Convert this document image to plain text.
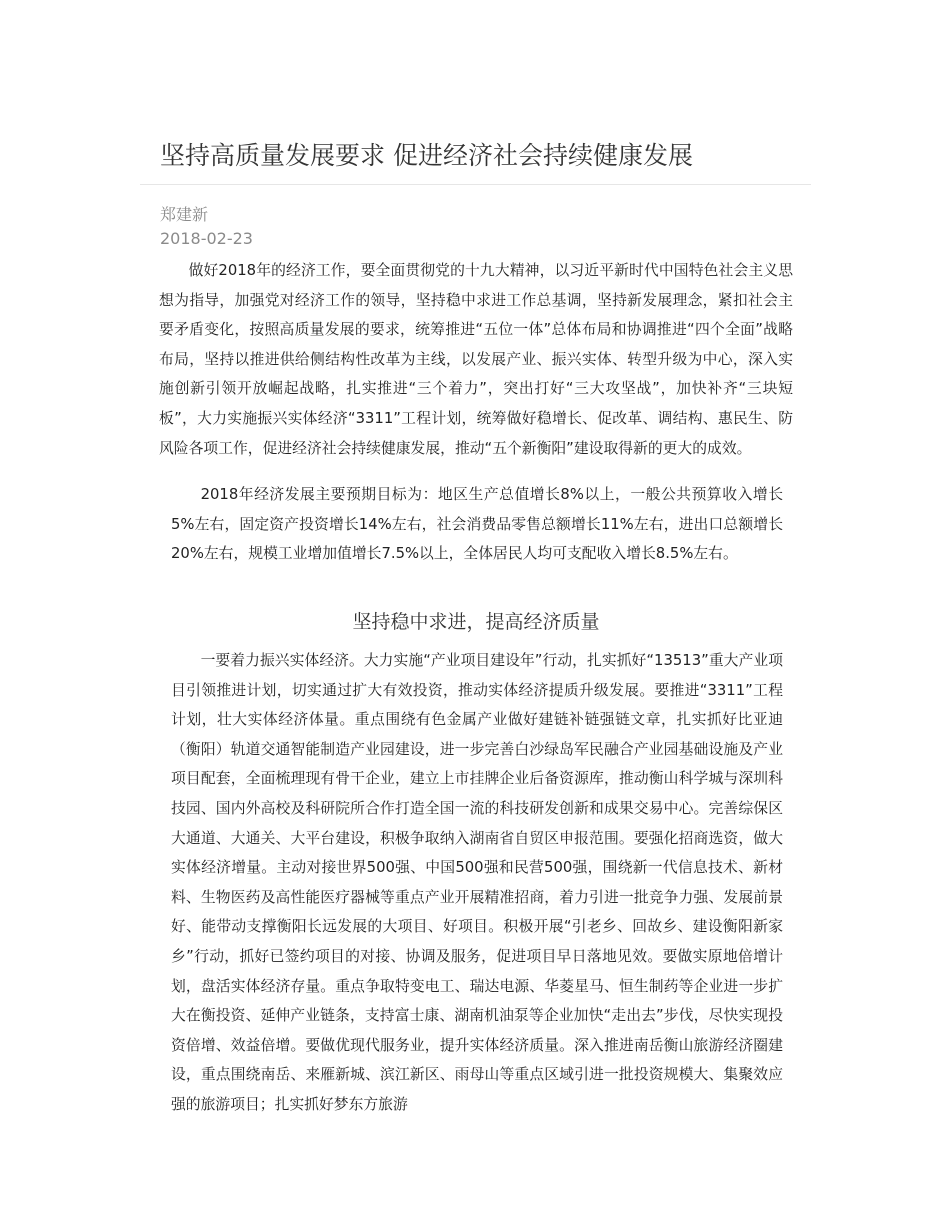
坚持高质量发展要求 促进经济社会持续健康发展
郑建新
2018-02-23

做好2018年的经济工作，要全面贯彻党的十九大精神，以习近平新时代中国特色社会主义思想为指导，加强党对经济工作的领导，坚持稳中求进工作总基调，坚持新发展理念，紧扣社会主要矛盾变化，按照高质量发展的要求，统筹推进“五位一体”总体布局和协调推进“四个全面”战略布局，坚持以推进供给侧结构性改革为主线，以发展产业、振兴实体、转型升级为中心，深入实施创新引领开放崛起战略，扎实推进“三个着力”，突出打好“三大攻坚战”，加快补齐“三块短板”，大力实施振兴实体经济“3311”工程计划，统筹做好稳增长、促改革、调结构、惠民生、防风险各项工作，促进经济社会持续健康发展，推动“五个新衡阳”建设取得新的更大的成效。

2018年经济发展主要预期目标为：地区生产总值增长8%以上，一般公共预算收入增长5%左右，固定资产投资增长14%左右，社会消费品零售总额增长11%左右，进出口总额增长20%左右，规模工业增加值增长7.5%以上，全体居民人均可支配收入增长8.5%左右。

坚持稳中求进，提高经济质量

一要着力振兴实体经济。大力实施“产业项目建设年”行动，扎实抓好“13513”重大产业项目引领推进计划，切实通过扩大有效投资，推动实体经济提质升级发展。要推进“3311”工程计划，壮大实体经济体量。重点围绕有色金属产业做好建链补链强链文章，扎实抓好比亚迪（衡阳）轨道交通智能制造产业园建设，进一步完善白沙绿岛军民融合产业园基础设施及产业项目配套，全面梳理现有骨干企业，建立上市挂牌企业后备资源库，推动衡山科学城与深圳科技园、国内外高校及科研院所合作打造全国一流的科技研发创新和成果交易中心。完善综保区大通道、大通关、大平台建设，积极争取纳入湖南省自贸区申报范围。要强化招商选资，做大实体经济增量。主动对接世界500强、中国500强和民营500强，围绕新一代信息技术、新材料、生物医药及高性能医疗器械等重点产业开展精准招商，着力引进一批竞争力强、发展前景好、能带动支撑衡阳长远发展的大项目、好项目。积极开展“引老乡、回故乡、建设衡阳新家乡”行动，抓好已签约项目的对接、协调及服务，促进项目早日落地见效。要做实原地倍增计划，盘活实体经济存量。重点争取特变电工、瑞达电源、华菱星马、恒生制药等企业进一步扩大在衡投资、延伸产业链条，支持富士康、湖南机油泵等企业加快“走出去”步伐，尽快实现投资倍增、效益倍增。要做优现代服务业，提升实体经济质量。深入推进南岳衡山旅游经济圈建设，重点围绕南岳、来雁新城、滨江新区、雨母山等重点区域引进一批投资规模大、集聚效应强的旅游项目；扎实抓好梦东方旅游
